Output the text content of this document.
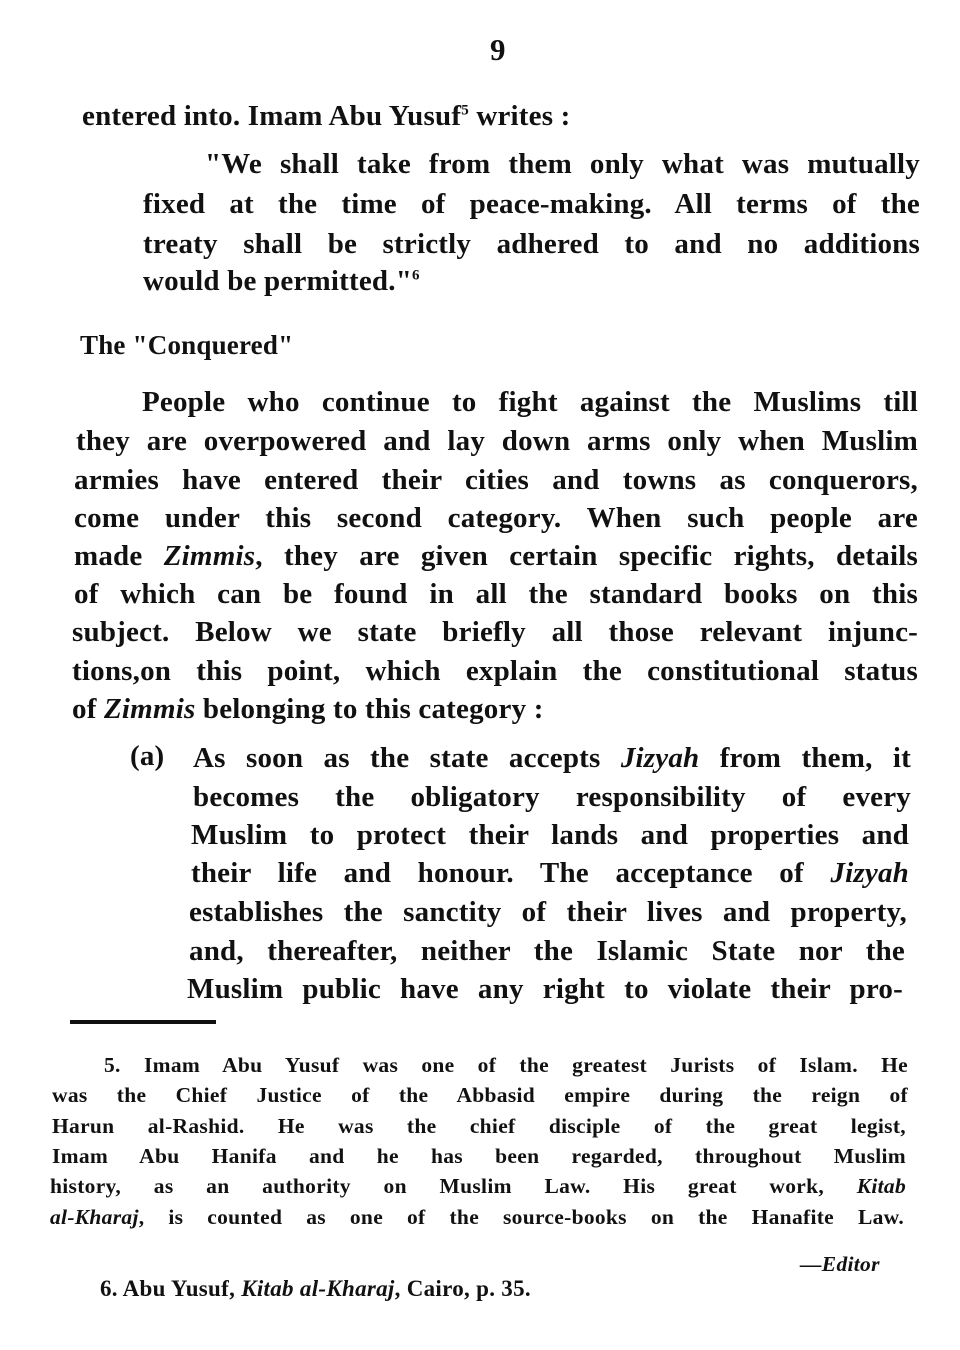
9
entered into. Imam Abu Yusuf$^5$ writes :
"We shall take from them only what was mutually
fixed at the time of peace-making. All terms of the
treaty shall be strictly adhered to and no additions
would be permitted."$^6$
The "Conquered"
People who continue to fight against the Muslims till
they are overpowered and lay down arms only when Muslim
armies have entered their cities and towns as conquerors,
come under this second category. When such people are
made Zimmis, they are given certain specific rights, details
of which can be found in all the standard books on this
subject. Below we state briefly all those relevant injunc-
tions,on this point, which explain the constitutional status
of Zimmis belonging to this category :
(a) As soon as the state accepts Jizyah from them, it
becomes the obligatory responsibility of every
Muslim to protect their lands and properties and
their life and honour. The acceptance of Jizyah
establishes the sanctity of their lives and property,
and, thereafter, neither the Islamic State nor the
Muslim public have any right to violate their pro-
5. Imam Abu Yusuf was one of the greatest Jurists of Islam. He
was the Chief Justice of the Abbasid empire during the reign of
Harun al-Rashid. He was the chief disciple of the great legist,
Imam Abu Hanifa and he has been regarded, throughout Muslim
history, as an authority on Muslim Law. His great work, Kitab
al-Kharaj, is counted as one of the source-books on the Hanafite Law.
—Editor
6. Abu Yusuf, Kitab al-Kharaj, Cairo, p. 35.
